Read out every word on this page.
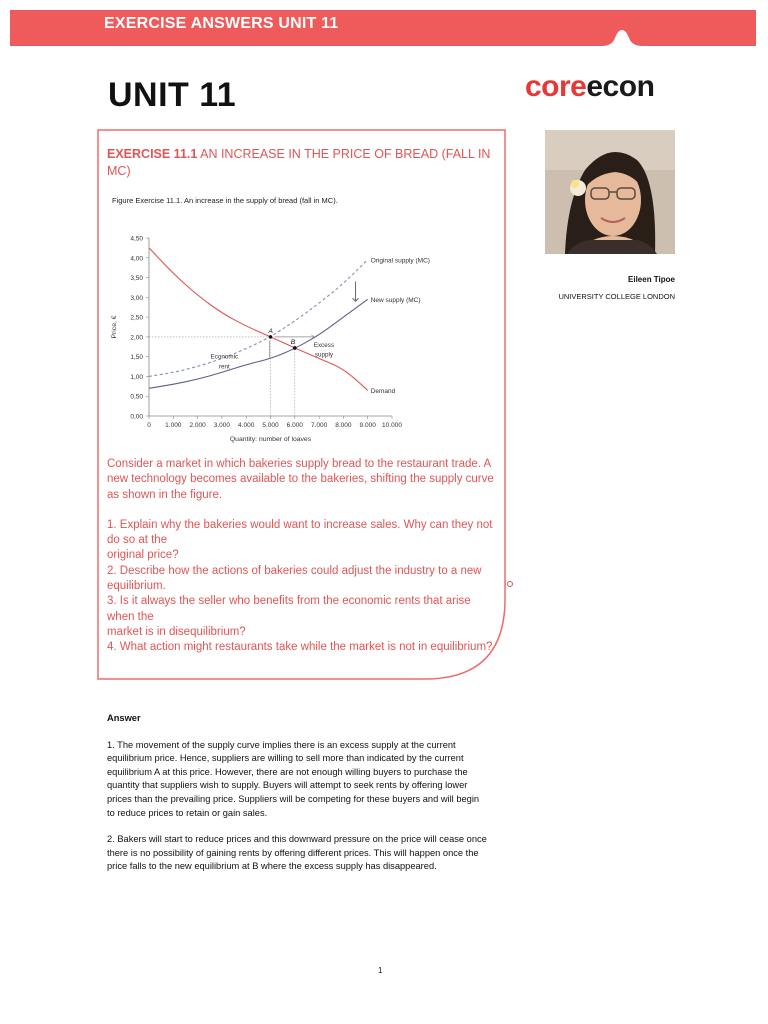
EXERCISE ANSWERS UNIT 11
UNIT 11	coreecon
Eileen Tipoe
UNIVERSITY COLLEGE LONDON
EXERCISE 11.1 AN INCREASE IN THE PRICE OF BREAD (FALL IN MC)
Figure Exercise 11.1. An increase in the supply of bread (fall in MC).
0,00
0,50
1,00
1,50
2,00
2,50
3,00
3,50
4,00
4,50
0 1.000 2.000 3.000 4.000 5.000 6.000 7.000 8.000 9.000 10.000
Quantity: number of loaves
Price, €
Original supply (MC)
New supply (MC)
Demand
A
B	Excess
supply
Economic
rent

Consider a market in which bakeries supply bread to the restaurant trade. A new technology becomes available to the bakeries, shifting the supply curve as shown in the figure.

1. Explain why the bakeries would want to increase sales. Why can they not do so at the

original price?

2. Describe how the actions of bakeries could adjust the industry to a new equilibrium.

3. Is it always the seller who benefits from the economic rents that arise when the

market is in disequilibrium?

4. What action might restaurants take while the market is not in equilibrium?

Answer

1. The movement of the supply curve implies there is an excess supply at the current equilibrium price. Hence, suppliers are willing to sell more than indicated by the current equilibrium A at this price. However, there are not enough willing buyers to purchase the quantity that suppliers wish to supply. Buyers will attempt to seek rents by offering lower prices than the prevailing price. Suppliers will be competing for these buyers and will begin to reduce prices to retain or gain sales.

2. Bakers will start to reduce prices and this downward pressure on the price will cease once there is no possibility of gaining rents by offering different prices. This will happen once the price falls to the new equilibrium at B where the excess supply has disappeared.

1
